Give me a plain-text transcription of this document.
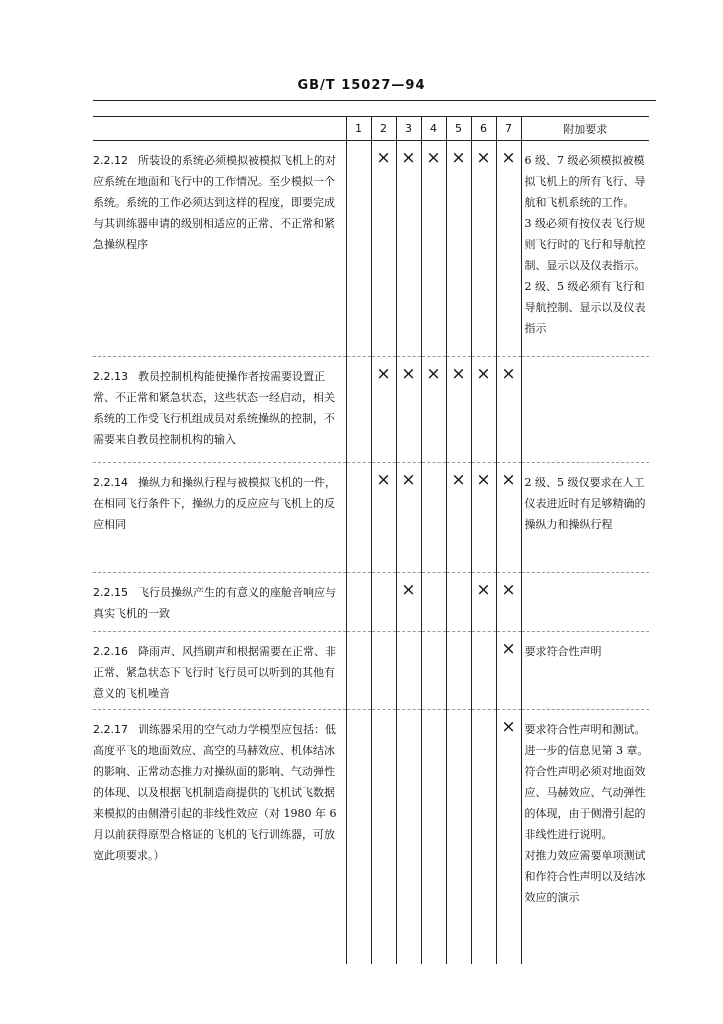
GB/T 15027—94
	1	2	3	4	5	6	7	附加要求
2.2.12 所装设的系统必须模拟被模拟飞机上的对应系统在地面和飞行中的工作情况。至少模拟一个系统。系统的工作必须达到这样的程度，即要完成与其训练器申请的级别相适应的正常、不正常和紧急操纵程序		×	×	×	×	×	×	6 级、7 级必须模拟被模拟飞机上的所有飞行、导航和飞机系统的工作。
3 级必须有按仪表飞行规则飞行时的飞行和导航控制、显示以及仪表指示。2 级、5 级必须有飞行和导航控制、显示以及仪表指示

2.2.13 教员控制机构能使操作者按需要设置正常、不正常和紧急状态，这些状态一经启动，相关系统的工作受飞行机组成员对系统操纵的控制，不需要来自教员控制机构的输入		×	×	×	×	×	×	
2.2.14 操纵力和操纵行程与被模拟飞机的一件，在相同飞行条件下，操纵力的反应应与飞机上的反应相同		×	×		×	×	×	2 级、5 级仅要求在人工仪表进近时有足够精确的操纵力和操纵行程

2.2.15 飞行员操纵产生的有意义的座舱音响应与真实飞机的一致			×			×	×	
2.2.16 降雨声、风挡刷声和根据需要在正常、非正常、紧急状态下飞行时飞行员可以听到的其他有意义的飞机噪音							×	要求符合性声明

2.2.17 训练器采用的空气动力学模型应包括：低高度平飞的地面效应、高空的马赫效应、机体结冰的影响、正常动态推力对操纵面的影响、气动弹性的体现、以及根据飞机制造商提供的飞机试飞数据来模拟的由侧滑引起的非线性效应（对 1980 年 6 月以前获得原型合格证的飞机的飞行训练器，可放宽此项要求。）							×	要求符合性声明和测试。
进一步的信息见第 3 章。
符合性声明必须对地面效应、马赫效应、气动弹性的体现，由于侧滑引起的非线性进行说明。
对推力效应需要单项测试和作符合性声明以及结冰效应的演示
